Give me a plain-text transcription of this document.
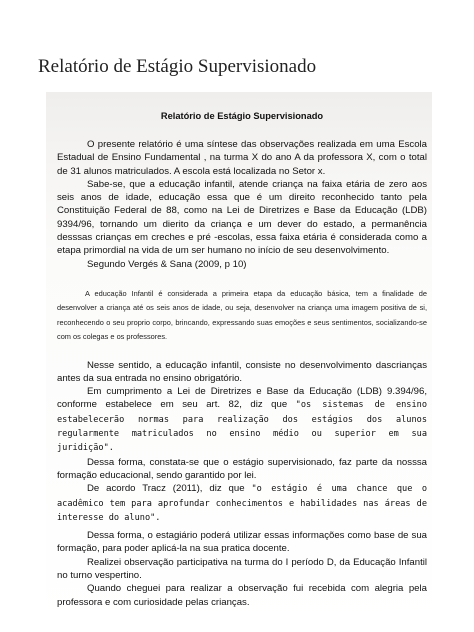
Relatório de Estágio Supervisionado
Relatório de Estágio Supervisionado

O presente relatório é uma síntese das observações realizada em uma Escola Estadual de Ensino Fundamental , na turma X do ano A da professora X, com o total de 31 alunos matriculados. A escola está localizada no Setor x.

Sabe-se, que a educação infantil, atende criança na faixa etária de zero aos seis anos de idade, educação essa que é um direito reconhecido tanto pela Constituição Federal de 88, como na Lei de Diretrizes e Base da Educação (LDB) 9394/96, tornando um dierito da criança e um dever do estado, a permanência desssas crianças em creches e pré -escolas, essa faixa etária é considerada como a etapa primordial na vida de um ser humano no início de seu desenvolvimento.

Segundo Vergés & Sana (2009, p 10)

A educação Infantil é considerada a primeira etapa da educação básica, tem a finalidade de desenvolver a criança até os seis anos de idade, ou seja, desenvolver na criança uma imagem positiva de si, reconhecendo o seu proprio corpo, brincando, expressando suas emoções e seus sentimentos, socializando-se com os colegas e os professores.

Nesse sentido, a educação infantil, consiste no desenvolvimento dascrianças antes da sua entrada no ensino obrigatório.

Em cumprimento a Lei de Diretrizes e Base da Educação (LDB) 9.394/96, conforme estabelece em seu art. 82, diz que "os sistemas de ensino estabelecerão normas para realização dos estágios dos alunos regularmente matriculados no ensino médio ou superior em sua juridição".

Dessa forma, constata-se que o estágio supervisionado, faz parte da nosssa formação educacional, sendo garantido por lei.

De acordo Tracz (2011), diz que "o estágio é uma chance que o acadêmico tem para aprofundar conhecimentos e habilidades nas áreas de interesse do aluno".

Dessa forma, o estagiário poderá utilizar essas informações como base de sua formação, para poder aplicá-la na sua pratica docente.

Realizei observação participativa na turma do I período D, da Educação Infantil no turno vespertino.

Quando cheguei para realizar a observação fui recebida com alegria pela professora e com curiosidade pelas crianças.
